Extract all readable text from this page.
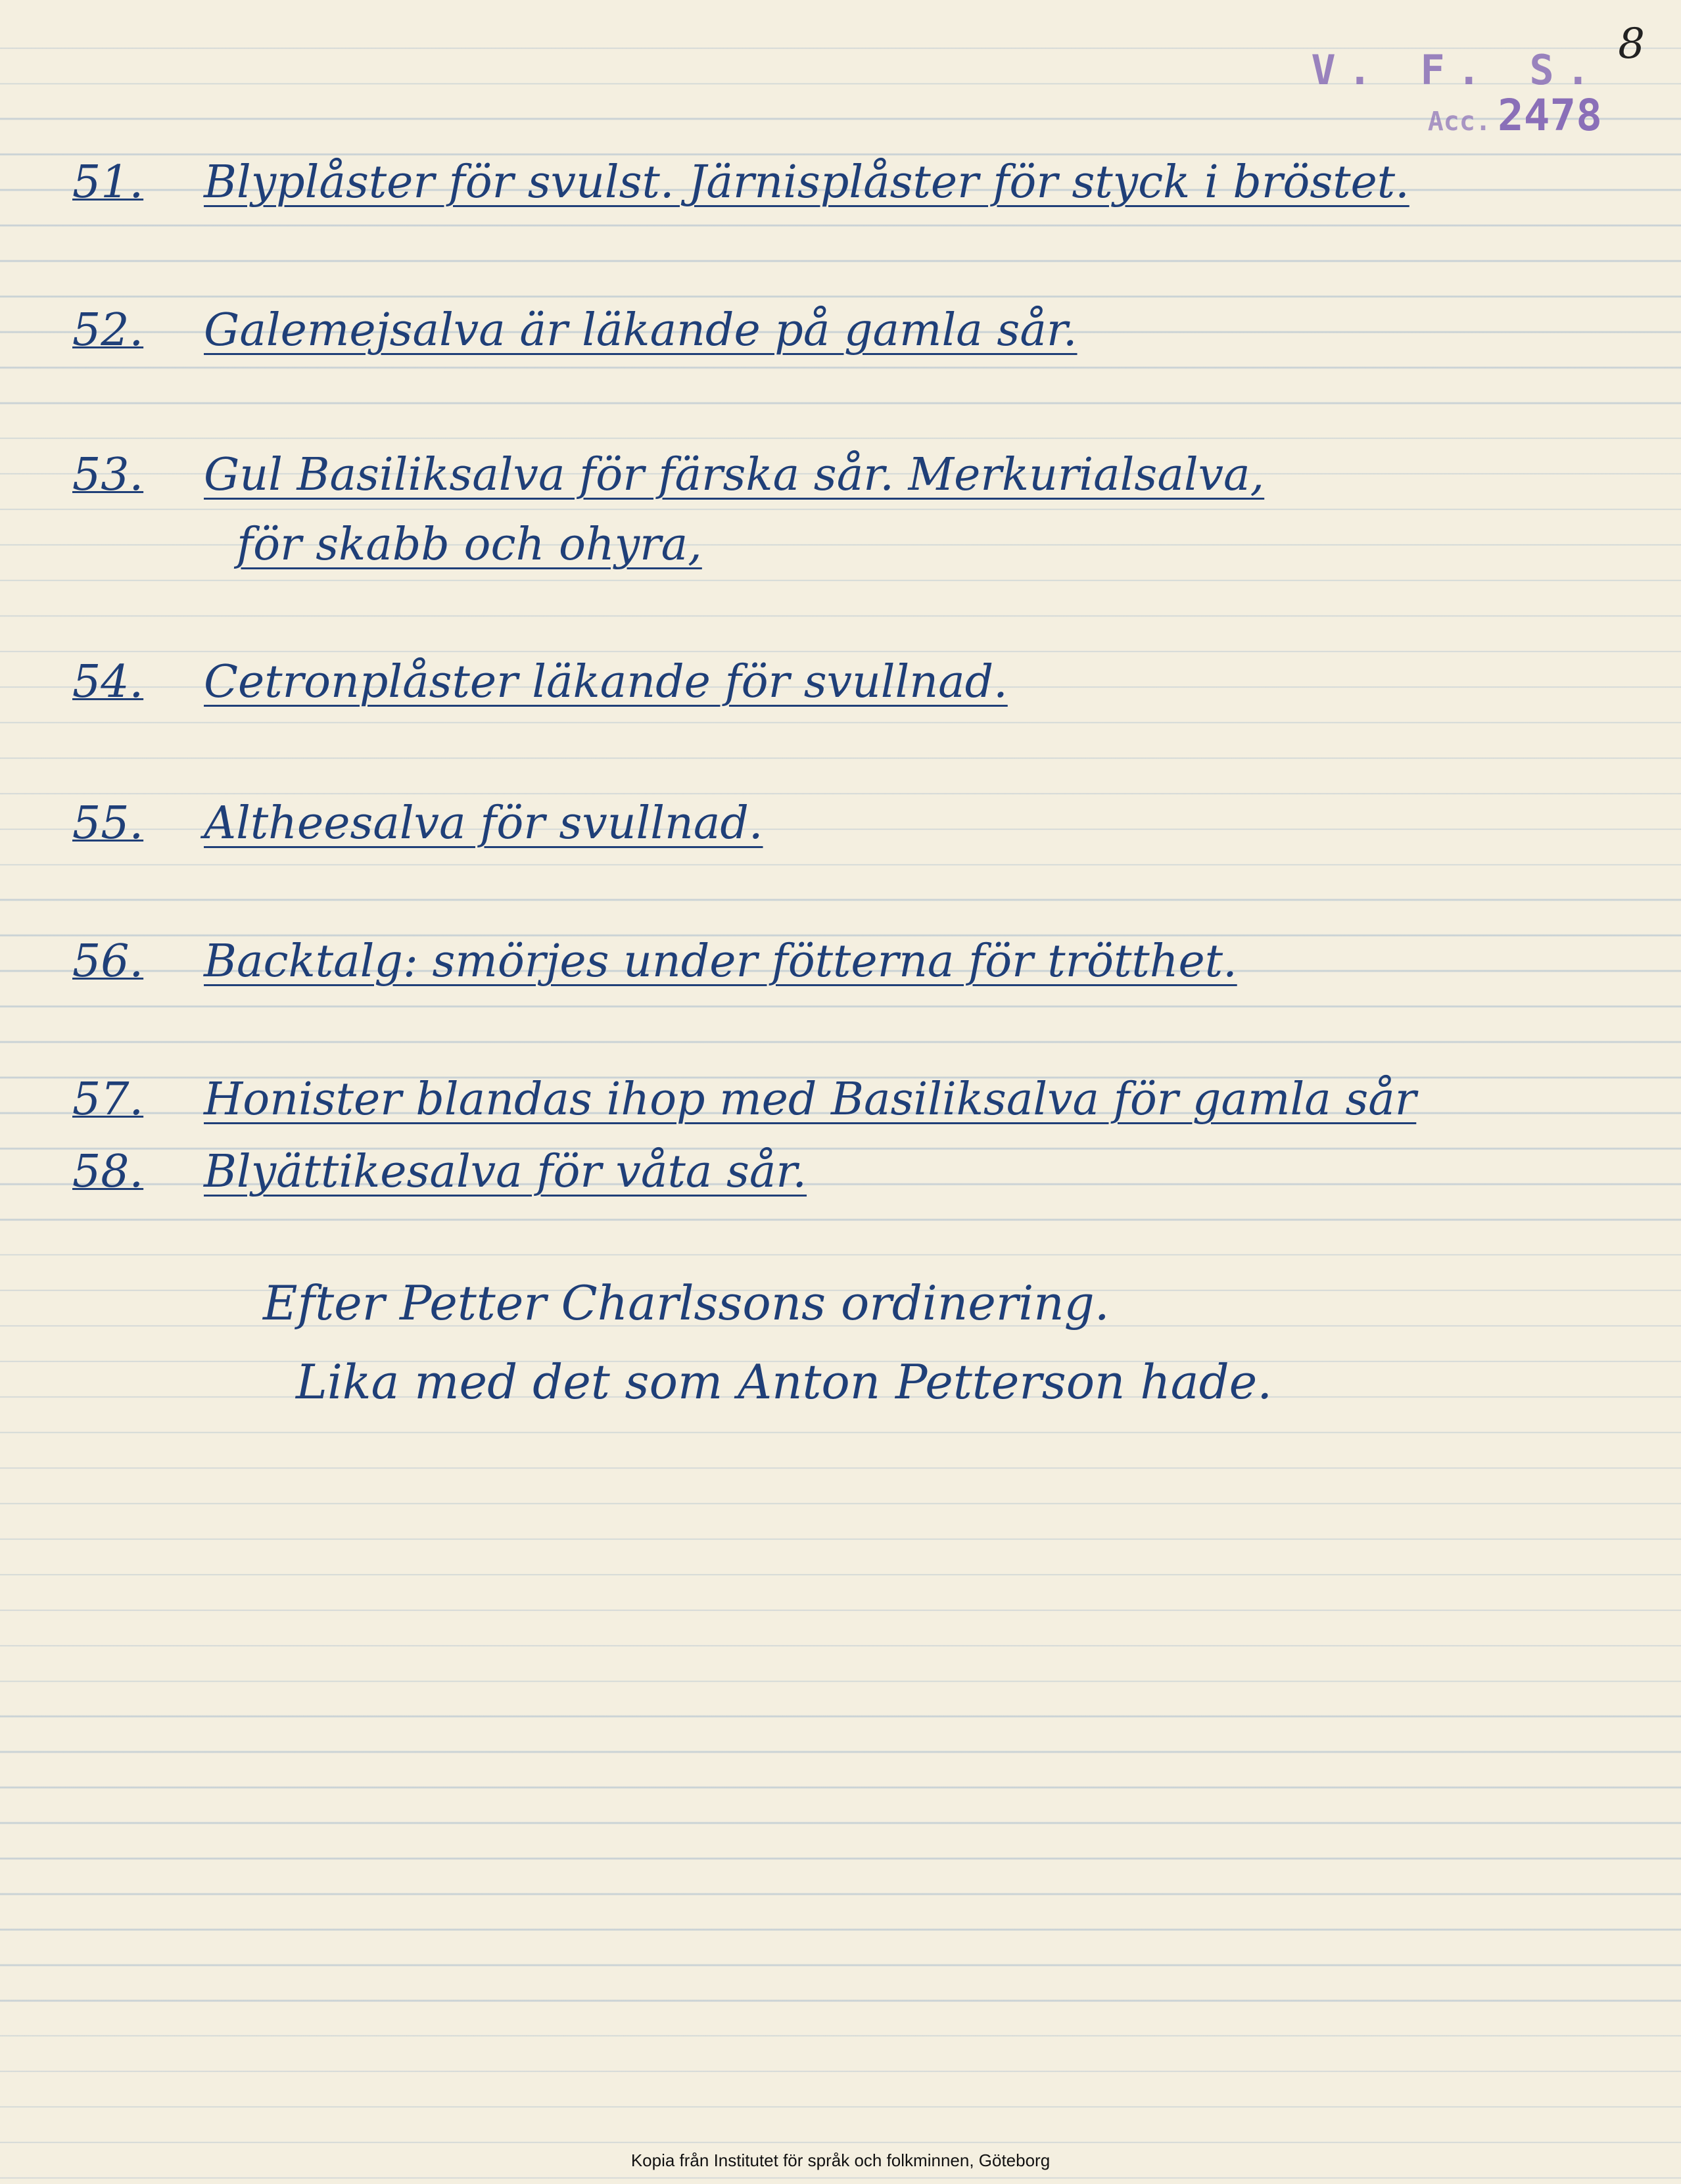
8
V. F. S.
Acc. 2478
51. Blyplåster för svulst. Järnisplåster för styck i bröstet.
52. Galemejsalva är läkande på gamla sår.
53. Gul Basiliksalva för färska sår. Merkurialsalva,
för skabb och ohyra,
54. Cetronplåster läkande för svullnad.
55. Altheesalva för svullnad.
56. Backtalg: smörjes under fötterna för trötthet.
57. Honister blandas ihop med Basiliksalva för gamla sår
58. Blyättikesalva för våta sår.
Efter Petter Charlssons ordinering.
Lika med det som Anton Petterson hade.
Kopia från Institutet för språk och folkminnen, Göteborg
